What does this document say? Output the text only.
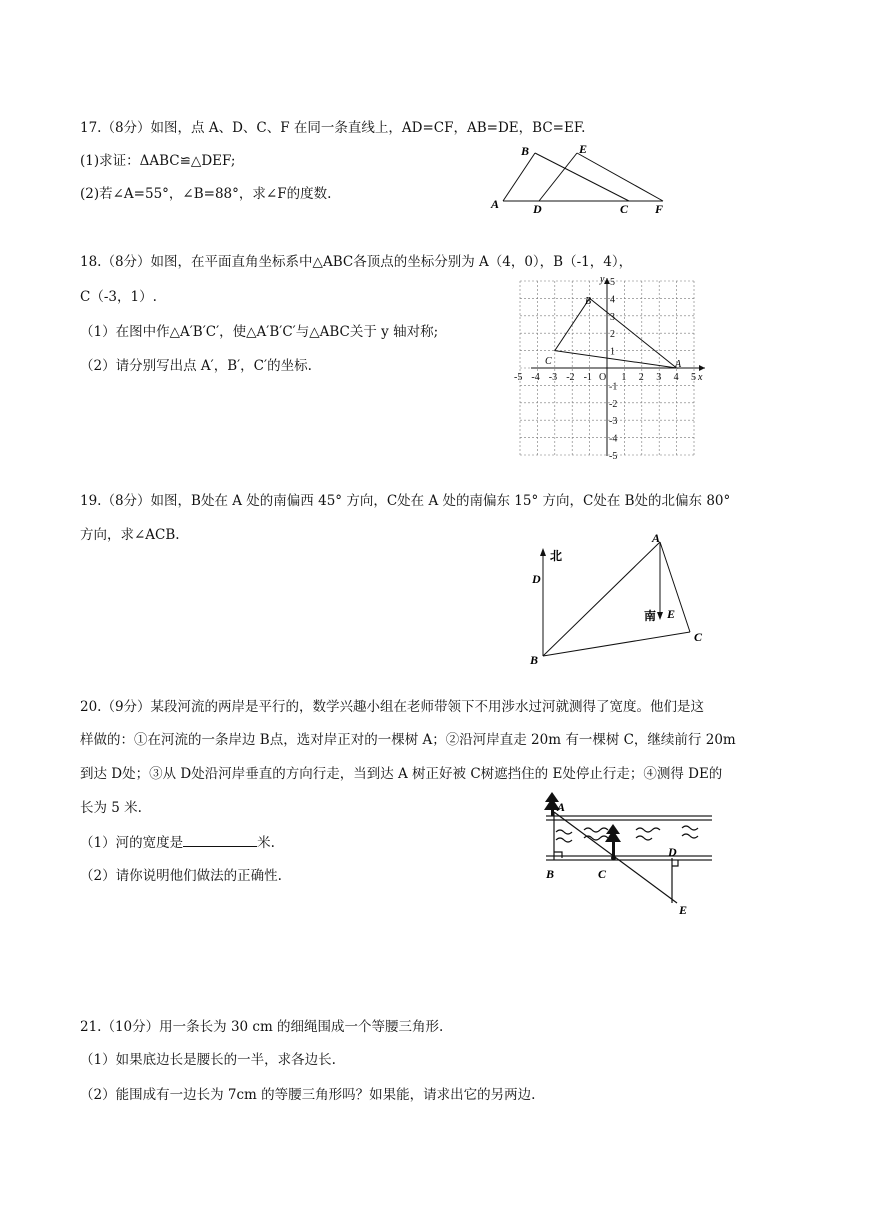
17.（8分）如图，点 A、D、C、F 在同一条直线上，AD=CF，AB=DE，BC=EF.
(1)求证：ΔABC≌△DEF;
(2)若∠A=55°，∠B=88°，求∠F的度数.
A
B
D	C
E
F
18.（8分）如图，在平面直角坐标系中△ABC各顶点的坐标分别为 A（4，0），B（-1，4），
C（-3，1）.
（1）在图中作△A′B′C′，使△A′B′C′与△ABC关于 y 轴对称;
（2）请分别写出点 A′，B′，C′的坐标.
-5 -4 -3 -2 -1 O 1 2 3 4 5
5
4
3
2
1
-1
-2
-3
-4
-5
x
y
B
C	A
19.（8分）如图，B处在 A 处的南偏西 45° 方向，C处在 A 处的南偏东 15° 方向，C处在 B处的北偏东 80°
方向，求∠ACB.
北
D
A
南 E
C
B
20.（9分）某段河流的两岸是平行的，数学兴趣小组在老师带领下不用涉水过河就测得了宽度。他们是这
样做的：①在河流的一条岸边 B点，选对岸正对的一棵树 A；②沿河岸直走 20m 有一棵树 C，继续前行 20m
到达 D处；③从 D处沿河岸垂直的方向行走，当到达 A 树正好被 C树遮挡住的 E处停止行走；④测得 DE的
长为 5 米.
（1）河的宽度是	米.
（2）请你说明他们做法的正确性.
A
B	C
D
E
21.（10分）用一条长为 30 cm 的细绳围成一个等腰三角形.
（1）如果底边长是腰长的一半，求各边长.
（2）能围成有一边长为 7cm 的等腰三角形吗？如果能，请求出它的另两边.
